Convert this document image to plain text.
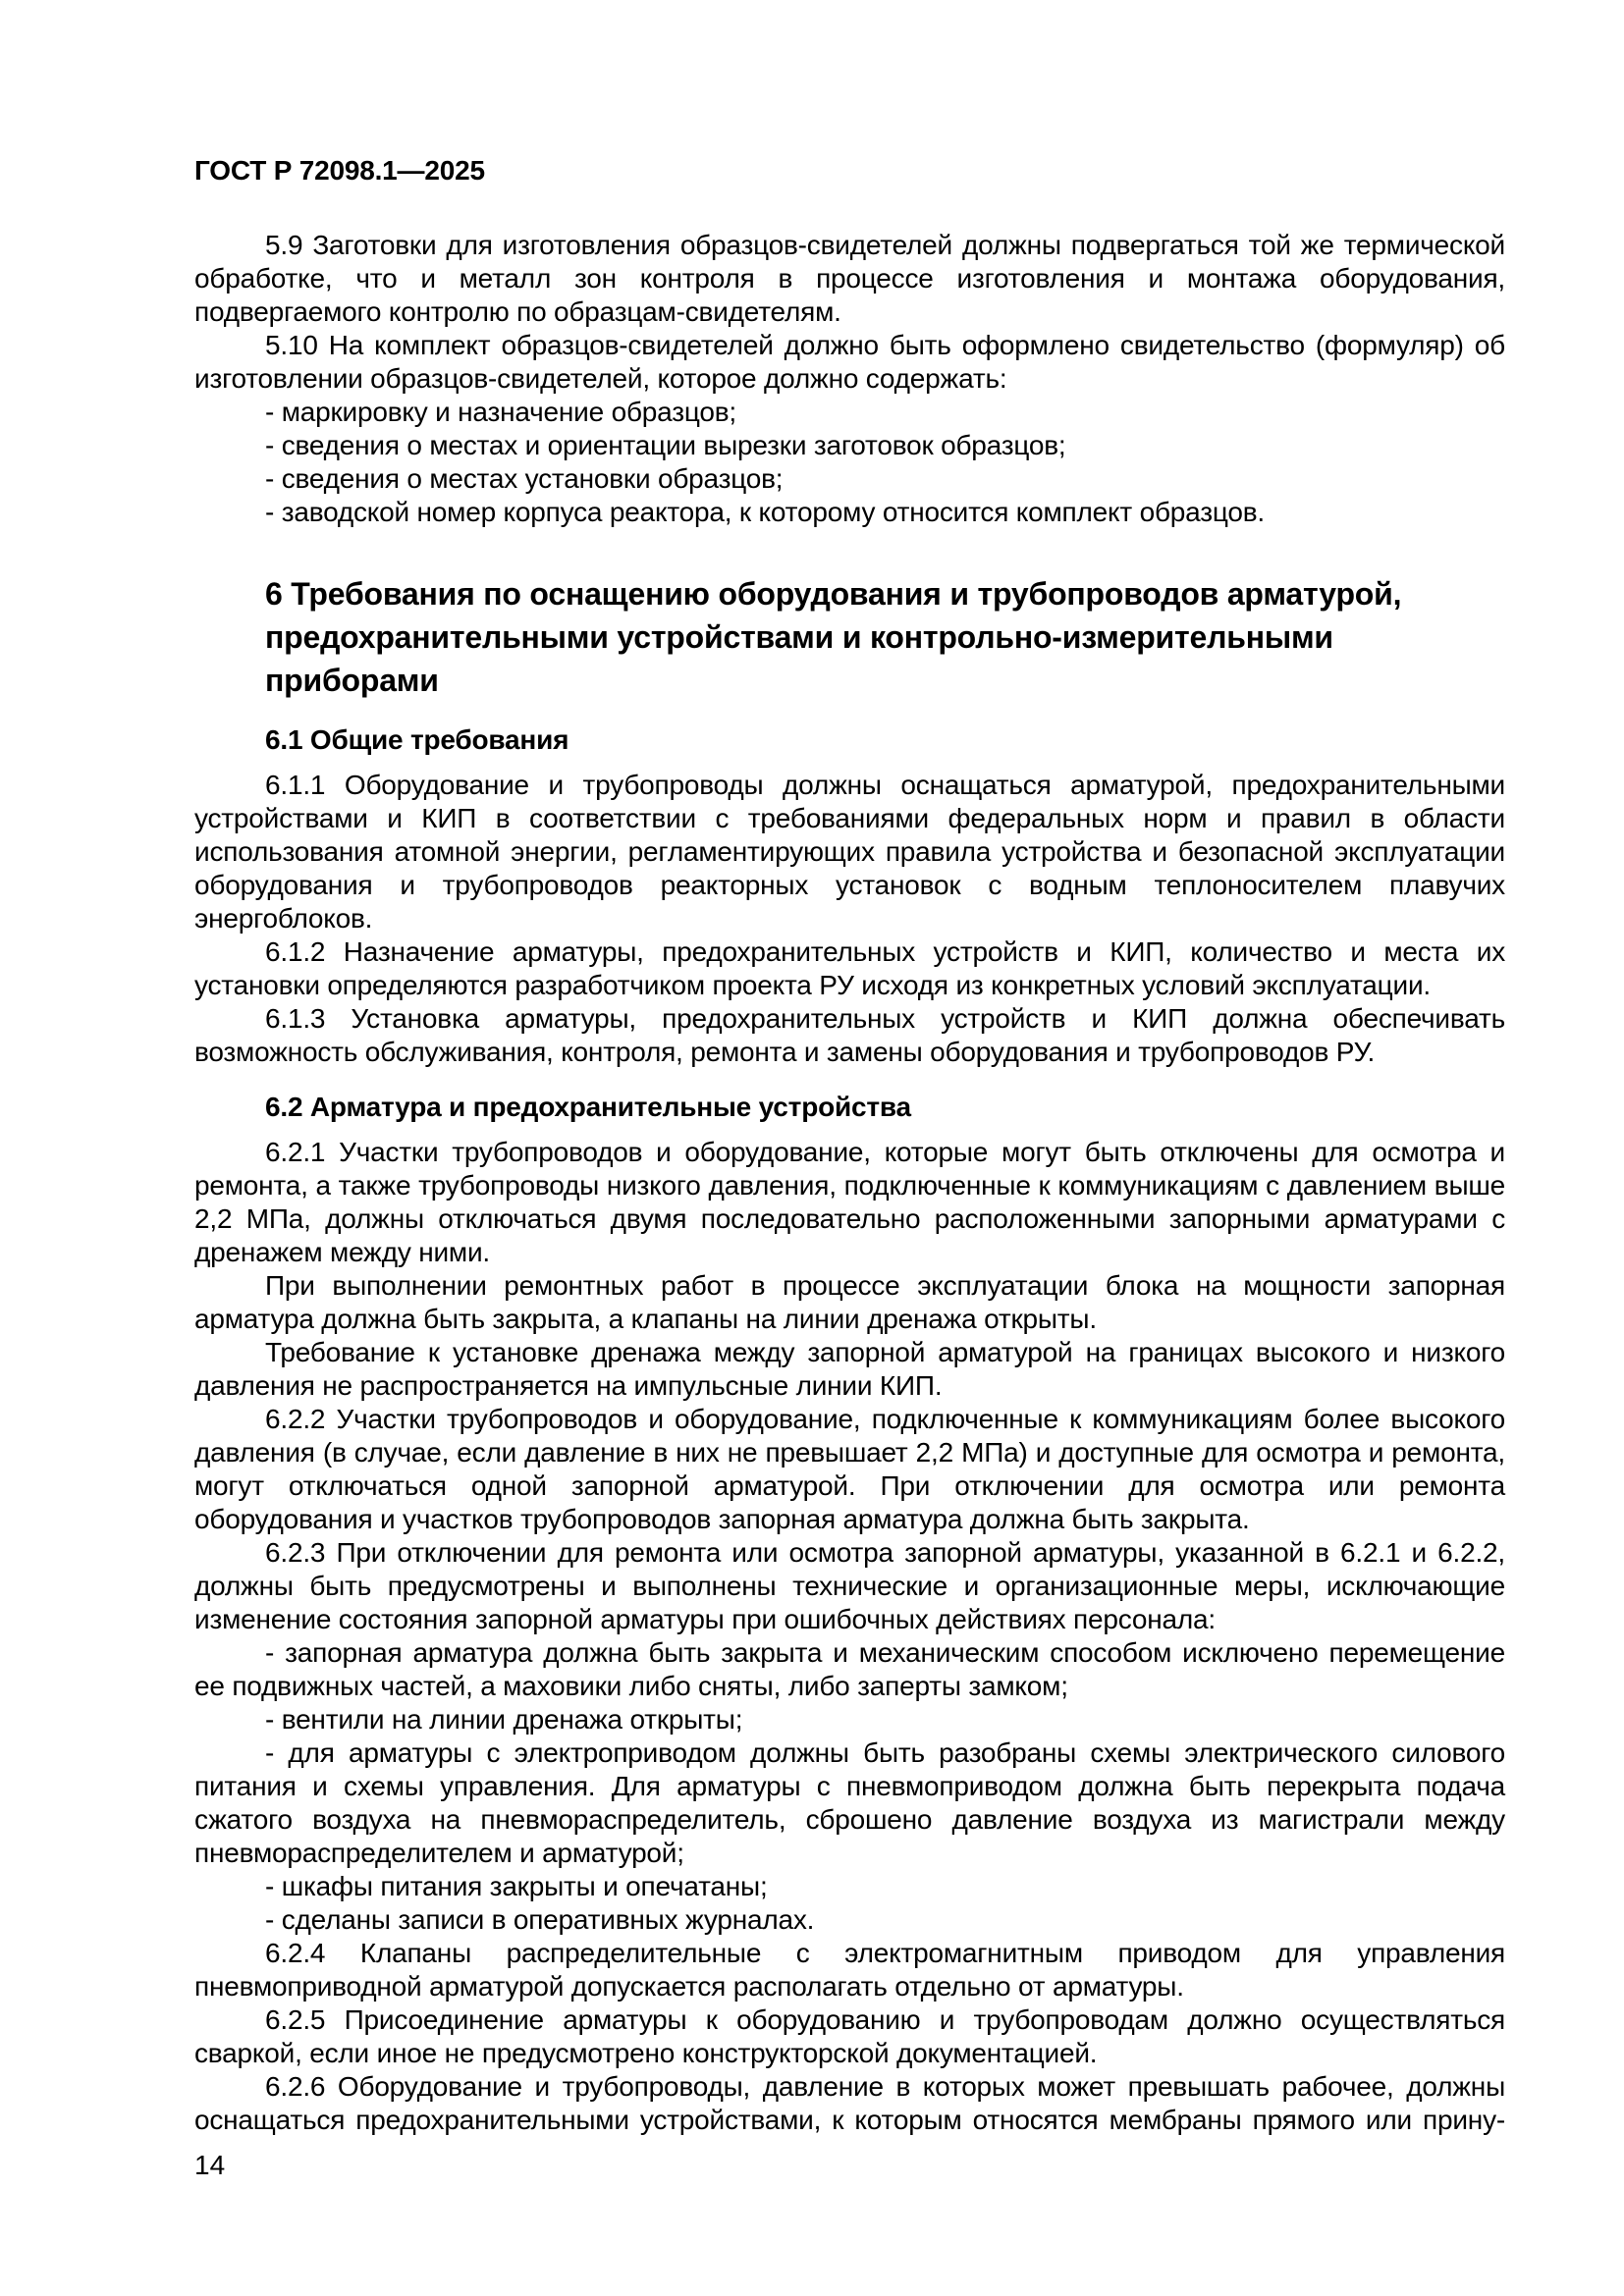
ГОСТ Р 72098.1—2025

5.9 Заготовки для изготовления образцов-свидетелей должны подвергаться той же термической обработке, что и металл зон контроля в процессе изготовления и монтажа оборудования, подвергаемого контролю по образцам-свидетелям.

5.10 На комплект образцов-свидетелей должно быть оформлено свидетельство (формуляр) об изготовлении образцов-свидетелей, которое должно содержать:

- маркировку и назначение образцов;

- сведения о местах и ориентации вырезки заготовок образцов;

- сведения о местах установки образцов;

- заводской номер корпуса реактора, к которому относится комплект образцов.

6 Требования по оснащению оборудования и трубопроводов арматурой, предохранительными устройствами и контрольно-измерительными приборами
6.1 Общие требования

6.1.1 Оборудование и трубопроводы должны оснащаться арматурой, предохранительными устройствами и КИП в соответствии с требованиями федеральных норм и правил в области использования атомной энергии, регламентирующих правила устройства и безопасной эксплуатации оборудования и трубопроводов реакторных установок с водным теплоносителем плавучих энергоблоков.

6.1.2 Назначение арматуры, предохранительных устройств и КИП, количество и места их установки определяются разработчиком проекта РУ исходя из конкретных условий эксплуатации.

6.1.3 Установка арматуры, предохранительных устройств и КИП должна обеспечивать возможность обслуживания, контроля, ремонта и замены оборудования и трубопроводов РУ.

6.2 Арматура и предохранительные устройства

6.2.1 Участки трубопроводов и оборудование, которые могут быть отключены для осмотра и ремонта, а также трубопроводы низкого давления, подключенные к коммуникациям с давлением выше 2,2 МПа, должны отключаться двумя последовательно расположенными запорными арматурами с дренажем между ними.

При выполнении ремонтных работ в процессе эксплуатации блока на мощности запорная арматура должна быть закрыта, а клапаны на линии дренажа открыты.

Требование к установке дренажа между запорной арматурой на границах высокого и низкого давления не распространяется на импульсные линии КИП.

6.2.2 Участки трубопроводов и оборудование, подключенные к коммуникациям более высокого давления (в случае, если давление в них не превышает 2,2 МПа) и доступные для осмотра и ремонта, могут отключаться одной запорной арматурой. При отключении для осмотра или ремонта оборудования и участков трубопроводов запорная арматура должна быть закрыта.

6.2.3 При отключении для ремонта или осмотра запорной арматуры, указанной в 6.2.1 и 6.2.2, должны быть предусмотрены и выполнены технические и организационные меры, исключающие изменение состояния запорной арматуры при ошибочных действиях персонала:

- запорная арматура должна быть закрыта и механическим способом исключено перемещение ее подвижных частей, а маховики либо сняты, либо заперты замком;

- вентили на линии дренажа открыты;

- для арматуры с электроприводом должны быть разобраны схемы электрического силового питания и схемы управления. Для арматуры с пневмоприводом должна быть перекрыта подача сжатого воздуха на пневмораспределитель, сброшено давление воздуха из магистрали между пневмораспределителем и арматурой;

- шкафы питания закрыты и опечатаны;

- сделаны записи в оперативных журналах.

6.2.4 Клапаны распределительные с электромагнитным приводом для управления пневмоприводной арматурой допускается располагать отдельно от арматуры.

6.2.5 Присоединение арматуры к оборудованию и трубопроводам должно осуществляться сваркой, если иное не предусмотрено конструкторской документацией.

6.2.6 Оборудование и трубопроводы, давление в которых может превышать рабочее, должны оснащаться предохранительными устройствами, к которым относятся мембраны прямого или прину-

14
